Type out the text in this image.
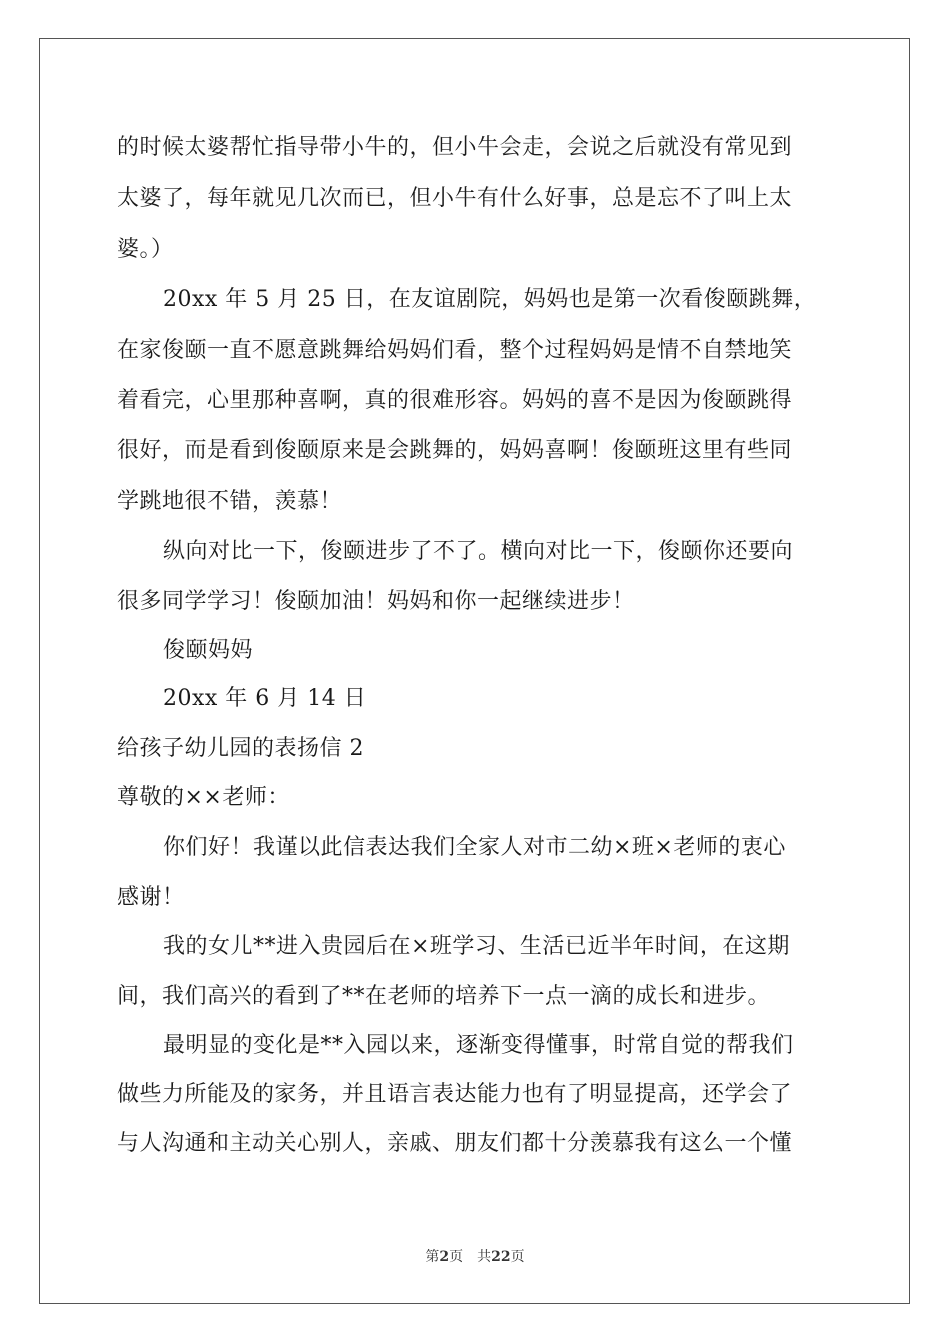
的时候太婆帮忙指导带小牛的，但小牛会走，会说之后就没有常见到
太婆了，每年就见几次而已，但小牛有什么好事，总是忘不了叫上太
婆。）
20xx 年 5 月 25 日，在友谊剧院，妈妈也是第一次看俊颐跳舞，
在家俊颐一直不愿意跳舞给妈妈们看，整个过程妈妈是情不自禁地笑
着看完，心里那种喜啊，真的很难形容。妈妈的喜不是因为俊颐跳得
很好，而是看到俊颐原来是会跳舞的，妈妈喜啊！俊颐班这里有些同
学跳地很不错，羡慕！
纵向对比一下，俊颐进步了不了。横向对比一下，俊颐你还要向
很多同学学习！俊颐加油！妈妈和你一起继续进步！
俊颐妈妈
20xx 年 6 月 14 日
给孩子幼儿园的表扬信 2
尊敬的××老师：
你们好！我谨以此信表达我们全家人对市二幼×班×老师的衷心
感谢！
我的女儿**进入贵园后在×班学习、生活已近半年时间，在这期
间，我们高兴的看到了**在老师的培养下一点一滴的成长和进步。
最明显的变化是**入园以来，逐渐变得懂事，时常自觉的帮我们
做些力所能及的家务，并且语言表达能力也有了明显提高，还学会了
与人沟通和主动关心别人，亲戚、朋友们都十分羡慕我有这么一个懂
第2页　共22页
